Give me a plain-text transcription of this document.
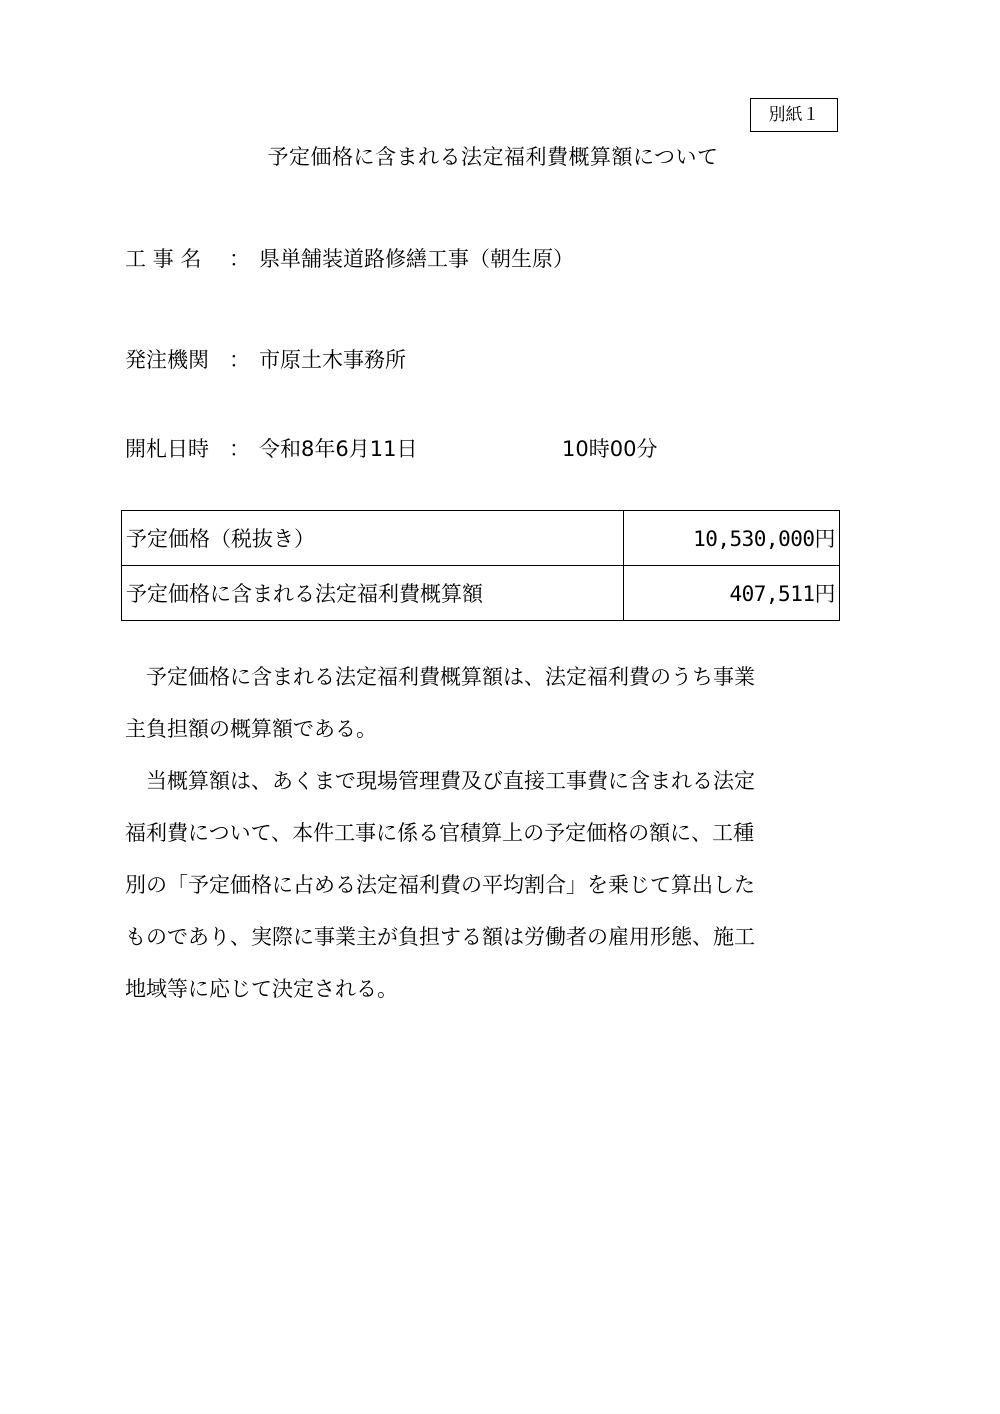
別紙１
予定価格に含まれる法定福利費概算額について
工 事 名 ： 県単舗装道路修繕工事（朝生原）
発注機関 ： 市原土木事務所
開札日時 ： 令和8年6月11日	10時00分
予定価格（税抜き）	10,530,000円
予定価格に含まれる法定福利費概算額	407,511円

予定価格に含まれる法定福利費概算額は、法定福利費のうち事業主負担額の概算額である。

当概算額は、あくまで現場管理費及び直接工事費に含まれる法定福利費について、本件工事に係る官積算上の予定価格の額に、工種別の「予定価格に占める法定福利費の平均割合」を乗じて算出したものであり、実際に事業主が負担する額は労働者の雇用形態、施工地域等に応じて決定される。
